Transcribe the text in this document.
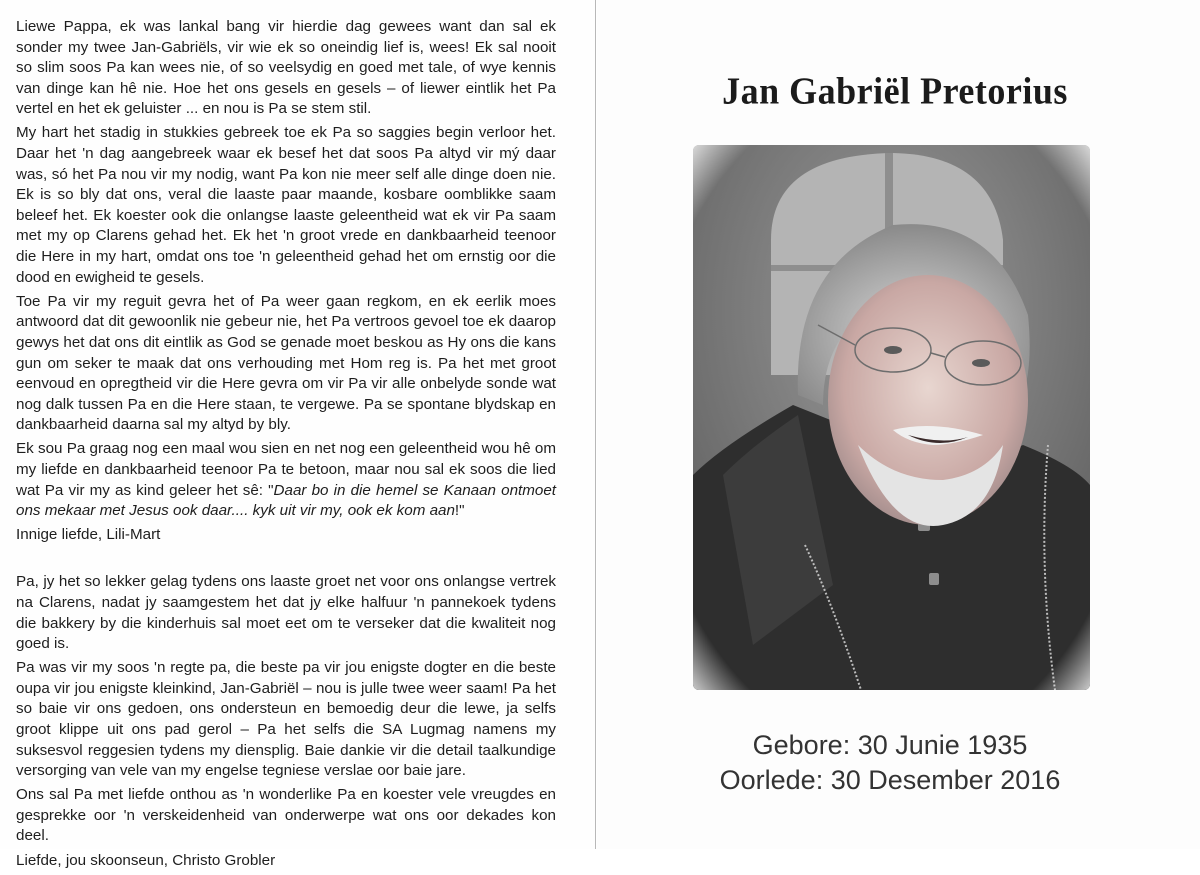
Liewe Pappa, ek was lankal bang vir hierdie dag gewees want dan sal ek sonder my twee Jan-Gabriëls, vir wie ek so oneindig lief is, wees! Ek sal nooit so slim soos Pa kan wees nie, of so veelsydig en goed met tale, of wye kennis van dinge kan hê nie. Hoe het ons gesels en gesels – of liewer eintlik het Pa vertel en het ek geluister ... en nou is Pa se stem stil.

My hart het stadig in stukkies gebreek toe ek Pa so saggies begin verloor het. Daar het 'n dag aangebreek waar ek besef het dat soos Pa altyd vir mý daar was, só het Pa nou vir my nodig, want Pa kon nie meer self alle dinge doen nie. Ek is so bly dat ons, veral die laaste paar maande, kosbare oomblikke saam beleef het. Ek koester ook die onlangse laaste geleentheid wat ek vir Pa saam met my op Clarens gehad het. Ek het 'n groot vrede en dankbaarheid teenoor die Here in my hart, omdat ons toe 'n geleentheid gehad het om ernstig oor die dood en ewigheid te gesels.

Toe Pa vir my reguit gevra het of Pa weer gaan regkom, en ek eerlik moes antwoord dat dit gewoonlik nie gebeur nie, het Pa vertroos gevoel toe ek daarop gewys het dat ons dit eintlik as God se genade moet beskou as Hy ons die kans gun om seker te maak dat ons verhouding met Hom reg is. Pa het met groot eenvoud en opregtheid vir die Here gevra om vir Pa vir alle onbelyde sonde wat nog dalk tussen Pa en die Here staan, te vergewe. Pa se spontane blydskap en dankbaarheid daarna sal my altyd by bly.

Ek sou Pa graag nog een maal wou sien en net nog een geleentheid wou hê om my liefde en dankbaarheid teenoor Pa te betoon, maar nou sal ek soos die lied wat Pa vir my as kind geleer het sê: "Daar bo in die hemel se Kanaan ontmoet ons mekaar met Jesus ook daar.... kyk uit vir my, ook ek kom aan!"

Innige liefde, Lili-Mart

Pa, jy het so lekker gelag tydens ons laaste groet net voor ons onlangse vertrek na Clarens, nadat jy saamgestem het dat jy elke halfuur 'n pannekoek tydens die bakkery by die kinderhuis sal moet eet om te verseker dat die kwaliteit nog goed is.

Pa was vir my soos 'n regte pa, die beste pa vir jou enigste dogter en die beste oupa vir jou enigste kleinkind, Jan-Gabriël – nou is julle twee weer saam! Pa het so baie vir ons gedoen, ons ondersteun en bemoedig deur die lewe, ja selfs groot klippe uit ons pad gerol – Pa het selfs die SA Lugmag namens my suksesvol reggesien tydens my diensplig. Baie dankie vir die detail taalkundige versorging van vele van my engelse tegniese verslae oor baie jare.

Ons sal Pa met liefde onthou as 'n wonderlike Pa en koester vele vreugdes en gesprekke oor 'n verskeidenheid van onderwerpe wat ons oor dekades kon deel.

Liefde, jou skoonseun, Christo Grobler

Jan Gabriël Pretorius
Gebore: 30 Junie 1935
Oorlede: 30 Desember 2016
